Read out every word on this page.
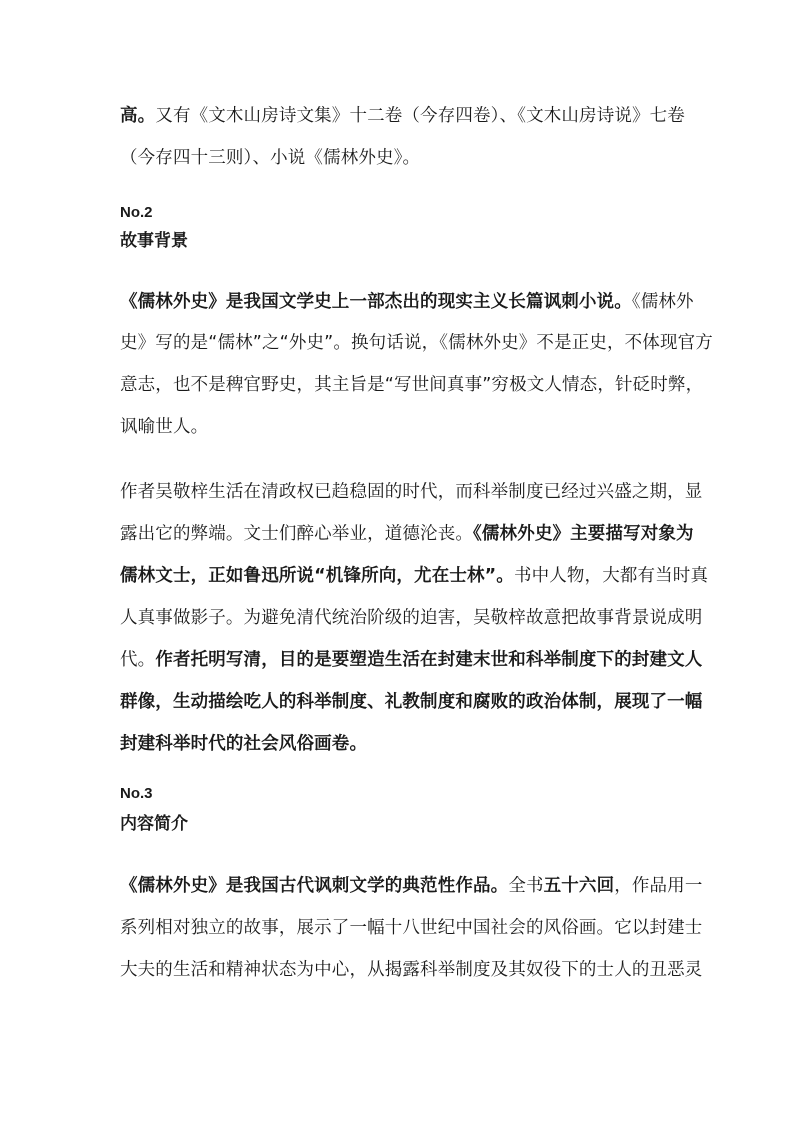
高。又有《文木山房诗文集》十二卷（今存四卷）、《文木山房诗说》七卷
（今存四十三则）、小说《儒林外史》。
No.2
故事背景
《儒林外史》是我国文学史上一部杰出的现实主义长篇讽刺小说。《儒林外
史》写的是“儒林”之“外史”。换句话说，《儒林外史》不是正史，不体现官方
意志，也不是稗官野史，其主旨是“写世间真事”穷极文人情态，针砭时弊，
讽喻世人。
作者吴敬梓生活在清政权已趋稳固的时代，而科举制度已经过兴盛之期，显
露出它的弊端。文士们醉心举业，道德沦丧。《儒林外史》主要描写对象为
儒林文士，正如鲁迅所说“机锋所向，尤在士林”。书中人物，大都有当时真
人真事做影子。为避免清代统治阶级的迫害，吴敬梓故意把故事背景说成明
代。作者托明写清，目的是要塑造生活在封建末世和科举制度下的封建文人
群像，生动描绘吃人的科举制度、礼教制度和腐败的政治体制，展现了一幅
封建科举时代的社会风俗画卷。
No.3
内容简介
《儒林外史》是我国古代讽刺文学的典范性作品。全书五十六回，作品用一
系列相对独立的故事，展示了一幅十八世纪中国社会的风俗画。它以封建士
大夫的生活和精神状态为中心，从揭露科举制度及其奴役下的士人的丑恶灵
